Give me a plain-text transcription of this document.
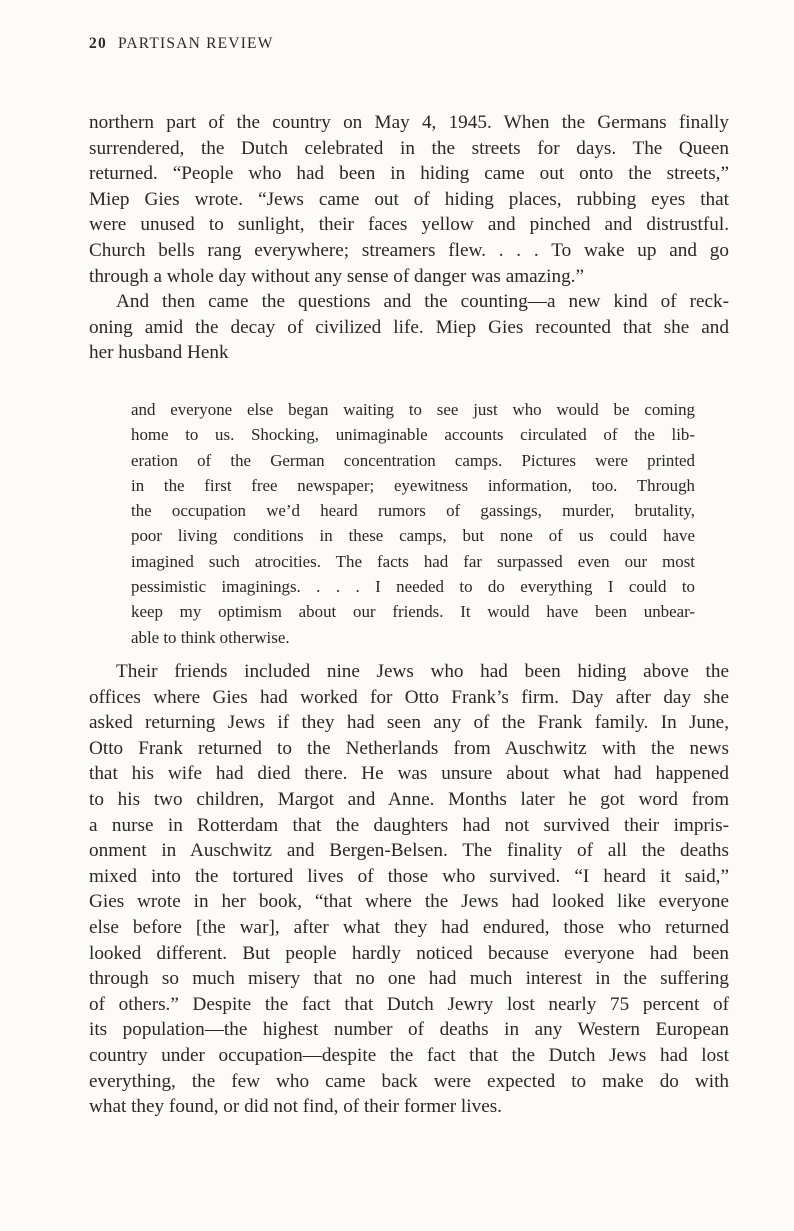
20 PARTISAN REVIEW
northern part of the country on May 4, 1945. When the Germans finally
surrendered, the Dutch celebrated in the streets for days. The Queen
returned. “People who had been in hiding came out onto the streets,”
Miep Gies wrote. “Jews came out of hiding places, rubbing eyes that
were unused to sunlight, their faces yellow and pinched and distrustful.
Church bells rang everywhere; streamers flew. . . . To wake up and go
through a whole day without any sense of danger was amazing.”
And then came the questions and the counting—a new kind of reck-
oning amid the decay of civilized life. Miep Gies recounted that she and
her husband Henk
and everyone else began waiting to see just who would be coming
home to us. Shocking, unimaginable accounts circulated of the lib-
eration of the German concentration camps. Pictures were printed
in the first free newspaper; eyewitness information, too. Through
the occupation we’d heard rumors of gassings, murder, brutality,
poor living conditions in these camps, but none of us could have
imagined such atrocities. The facts had far surpassed even our most
pessimistic imaginings. . . . I needed to do everything I could to
keep my optimism about our friends. It would have been unbear-
able to think otherwise.
Their friends included nine Jews who had been hiding above the
offices where Gies had worked for Otto Frank’s firm. Day after day she
asked returning Jews if they had seen any of the Frank family. In June,
Otto Frank returned to the Netherlands from Auschwitz with the news
that his wife had died there. He was unsure about what had happened
to his two children, Margot and Anne. Months later he got word from
a nurse in Rotterdam that the daughters had not survived their impris-
onment in Auschwitz and Bergen-Belsen. The finality of all the deaths
mixed into the tortured lives of those who survived. “I heard it said,”
Gies wrote in her book, “that where the Jews had looked like everyone
else before [the war], after what they had endured, those who returned
looked different. But people hardly noticed because everyone had been
through so much misery that no one had much interest in the suffering
of others.” Despite the fact that Dutch Jewry lost nearly 75 percent of
its population—the highest number of deaths in any Western European
country under occupation—despite the fact that the Dutch Jews had lost
everything, the few who came back were expected to make do with
what they found, or did not find, of their former lives.
